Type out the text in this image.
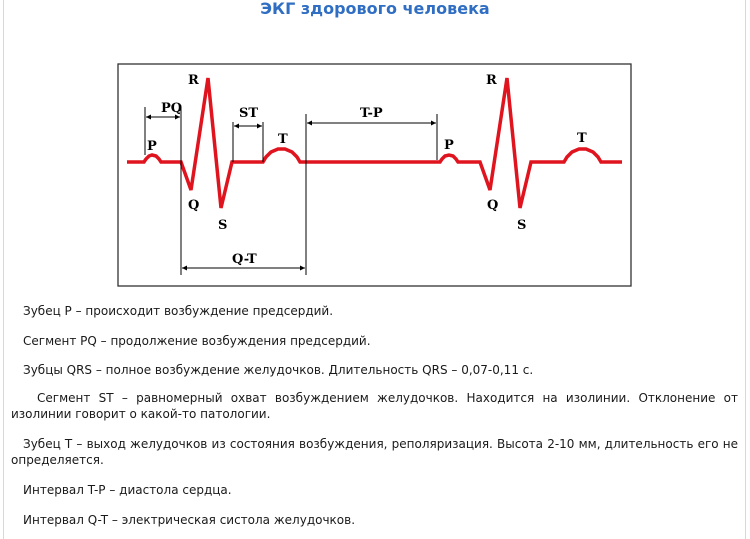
ЭКГ здорового человека
P
PQ
R
Q
S
ST
T
T-P
P
R
Q
S
T
Q-T
Зубец P – происходит возбуждение предсердий.
Сегмент PQ – продолжение возбуждения предсердий.
Зубцы QRS – полное возбуждение желудочков. Длительность QRS – 0,07-0,11 с.
Сегмент ST – равномерный охват возбуждением желудочков. Находится на изолинии. Отклонение от изолинии говорит о какой-то патологии.
Зубец T – выход желудочков из состояния возбуждения, реполяризация. Высота 2-10 мм, длительность его не определяется.
Интервал T-P – диастола сердца.
Интервал Q-T – электрическая систола желудочков.
